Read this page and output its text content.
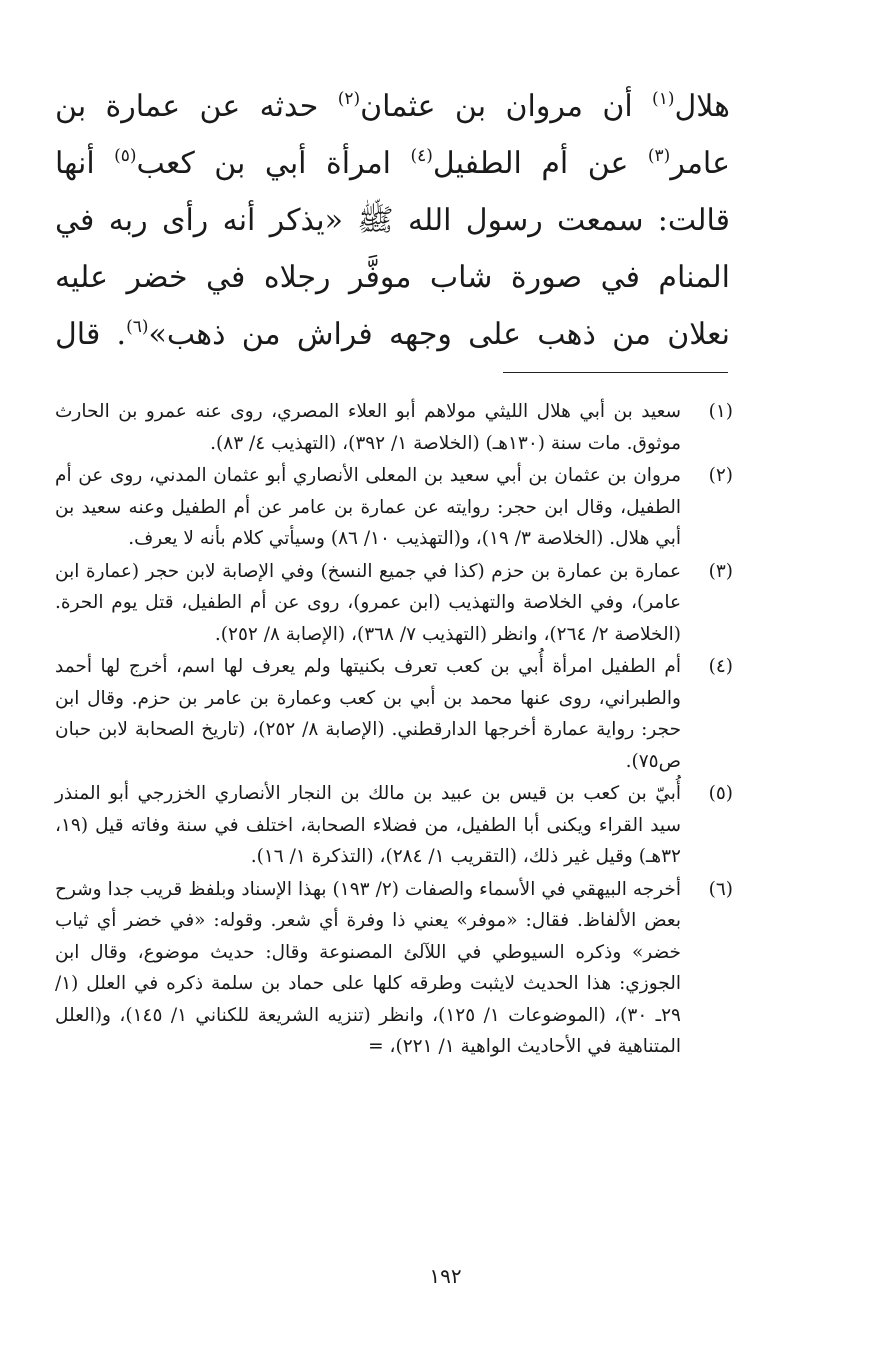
هلال$^{(١)}$ أن مروان بن عثمان$^{(٢)}$ حدثه عن عمارة بن عامر$^{(٣)}$ عن أم الطفيل$^{(٤)}$ امرأة أبي بن كعب$^{(٥)}$ أنها قالت: سمعت رسول الله ﷺ «يذكر أنه رأى ربه في المنام في صورة شاب موفَّر رجلاه في خضر عليه نعلان من ذهب على وجهه فراش من ذهب»$^{(٦)}$. قال

(١)
سعيد بن أبي هلال الليثي مولاهم أبو العلاء المصري، روى عنه عمرو بن الحارث موثوق. مات سنة (١٣٠هـ) (الخلاصة ١/ ٣٩٢)، (التهذيب ٤/ ٨٣).
(٢)
مروان بن عثمان بن أبي سعيد بن المعلى الأنصاري أبو عثمان المدني، روى عن أم الطفيل، وقال ابن حجر: روايته عن عمارة بن عامر عن أم الطفيل وعنه سعيد بن أبي هلال. (الخلاصة ٣/ ١٩)، و(التهذيب ١٠/ ٨٦) وسيأتي كلام بأنه لا يعرف.
(٣)
عمارة بن عمارة بن حزم (كذا في جميع النسخ) وفي الإصابة لابن حجر (عمارة ابن عامر)، وفي الخلاصة والتهذيب (ابن عمرو)، روى عن أم الطفيل، قتل يوم الحرة. (الخلاصة ٢/ ٢٦٤)، وانظر (التهذيب ٧/ ٣٦٨)، (الإصابة ٨/ ٢٥٢).
(٤)
أم الطفيل امرأة أُبي بن كعب تعرف بكنيتها ولم يعرف لها اسم، أخرج لها أحمد والطبراني، روى عنها محمد بن أبي بن كعب وعمارة بن عامر بن حزم. وقال ابن حجر: رواية عمارة أخرجها الدارقطني. (الإصابة ٨/ ٢٥٢)، (تاريخ الصحابة لابن حبان ص٧٥).
(٥)
أُبيّ بن كعب بن قيس بن عبيد بن مالك بن النجار الأنصاري الخزرجي أبو المنذر سيد القراء ويكنى أبا الطفيل، من فضلاء الصحابة، اختلف في سنة وفاته قيل (١٩، ٣٢هـ) وقيل غير ذلك، (التقريب ١/ ٢٨٤)، (التذكرة ١/ ١٦).
(٦)
أخرجه البيهقي في الأسماء والصفات (٢/ ١٩٣) بهذا الإسناد وبلفظ قريب جدا وشرح بعض الألفاظ. فقال: «موفر» يعني ذا وفرة أي شعر. وقوله: «في خضر أي ثياب خضر» وذكره السيوطي في اللآلئ المصنوعة وقال: حديث موضوع، وقال ابن الجوزي: هذا الحديث لايثبت وطرقه كلها على حماد بن سلمة ذكره في العلل (١/ ٢٩ـ ٣٠)، (الموضوعات ١/ ١٢٥)، وانظر (تنزيه الشريعة للكناني ١/ ١٤٥)، و(العلل المتناهية في الأحاديث الواهية ١/ ٢٢١)، =
١٩٢
